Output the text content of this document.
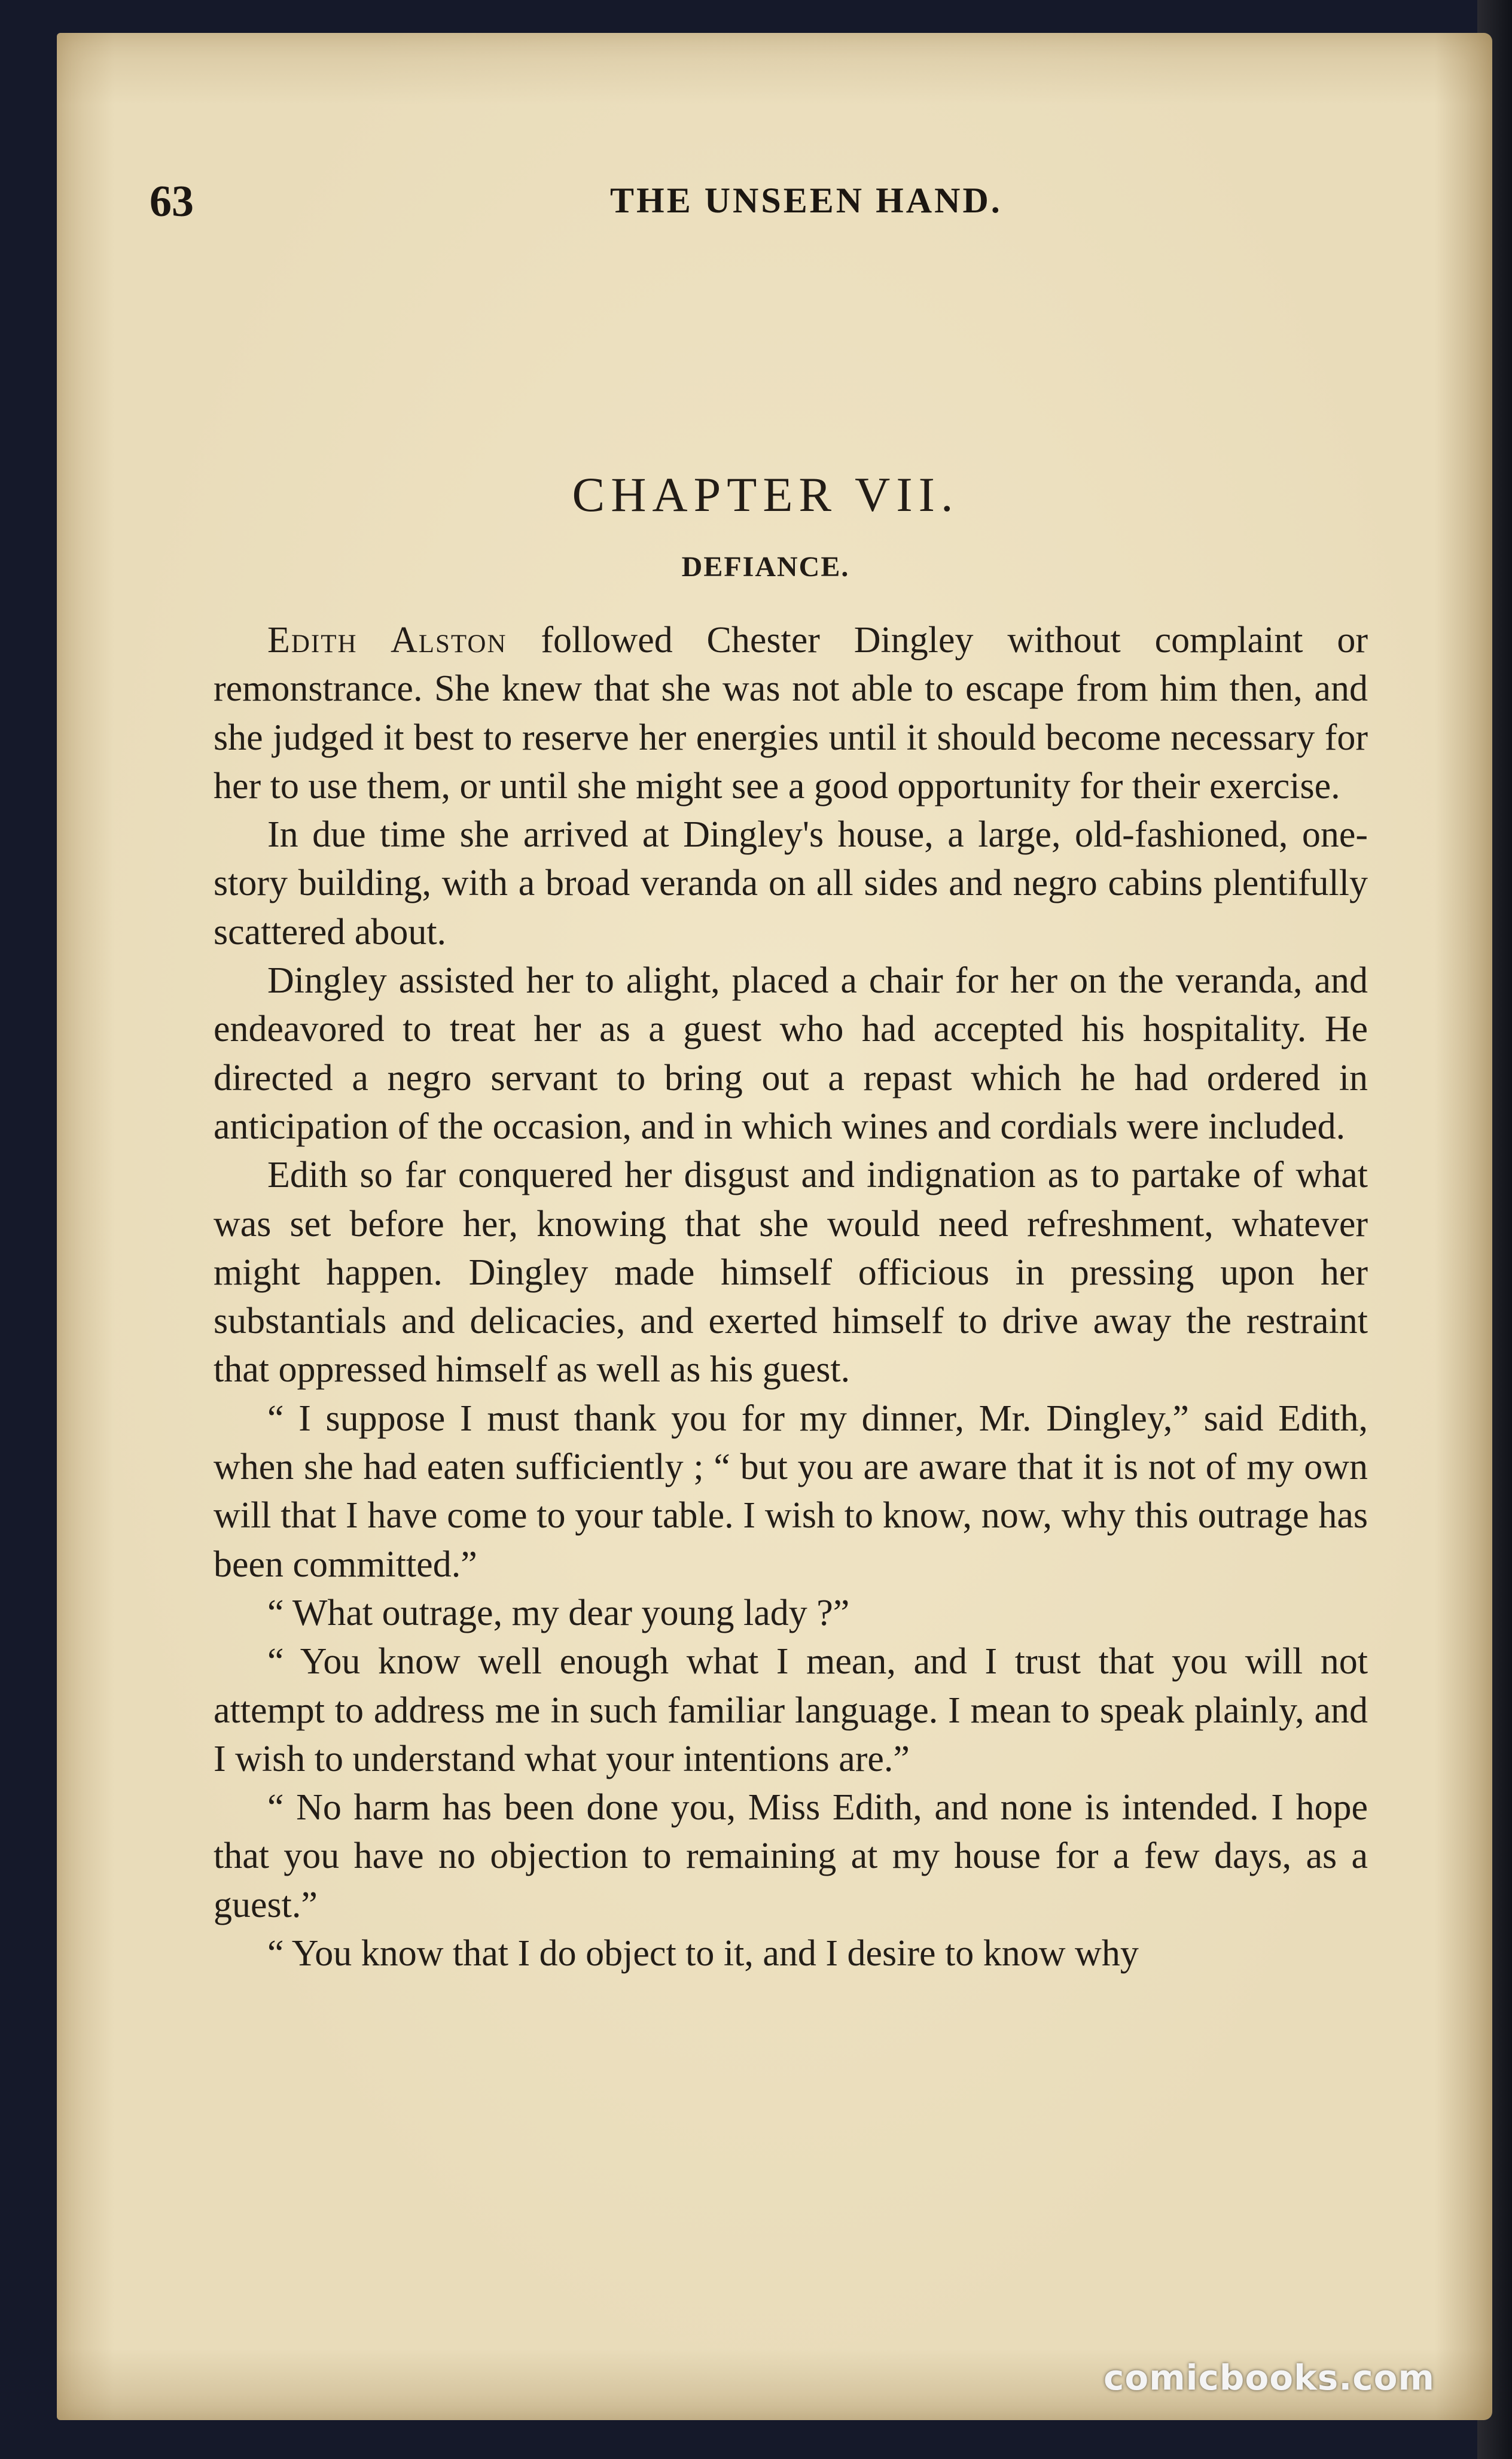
63	THE UNSEEN HAND.
CHAPTER VII.
DEFIANCE.

Edith Alston followed Chester Dingley without complaint or remonstrance. She knew that she was not able to escape from him then, and she judged it best to reserve her energies until it should become necessary for her to use them, or until she might see a good opportunity for their exercise.

In due time she arrived at Dingley's house, a large, old-fashioned, one-story building, with a broad veranda on all sides and negro cabins plentifully scattered about.

Dingley assisted her to alight, placed a chair for her on the veranda, and endeavored to treat her as a guest who had accepted his hospitality. He directed a negro servant to bring out a repast which he had ordered in anticipation of the occasion, and in which wines and cordials were included.

Edith so far conquered her disgust and indignation as to partake of what was set before her, knowing that she would need refreshment, whatever might happen. Dingley made himself officious in pressing upon her substantials and delicacies, and exerted himself to drive away the restraint that oppressed himself as well as his guest.

“ I suppose I must thank you for my dinner, Mr. Dingley,” said Edith, when she had eaten sufficiently ; “ but you are aware that it is not of my own will that I have come to your table. I wish to know, now, why this outrage has been committed.”

“ What outrage, my dear young lady ?”

“ You know well enough what I mean, and I trust that you will not attempt to address me in such familiar language. I mean to speak plainly, and I wish to understand what your intentions are.”

“ No harm has been done you, Miss Edith, and none is intended. I hope that you have no objection to remaining at my house for a few days, as a guest.”

“ You know that I do object to it, and I desire to know why

comicbooks.com
